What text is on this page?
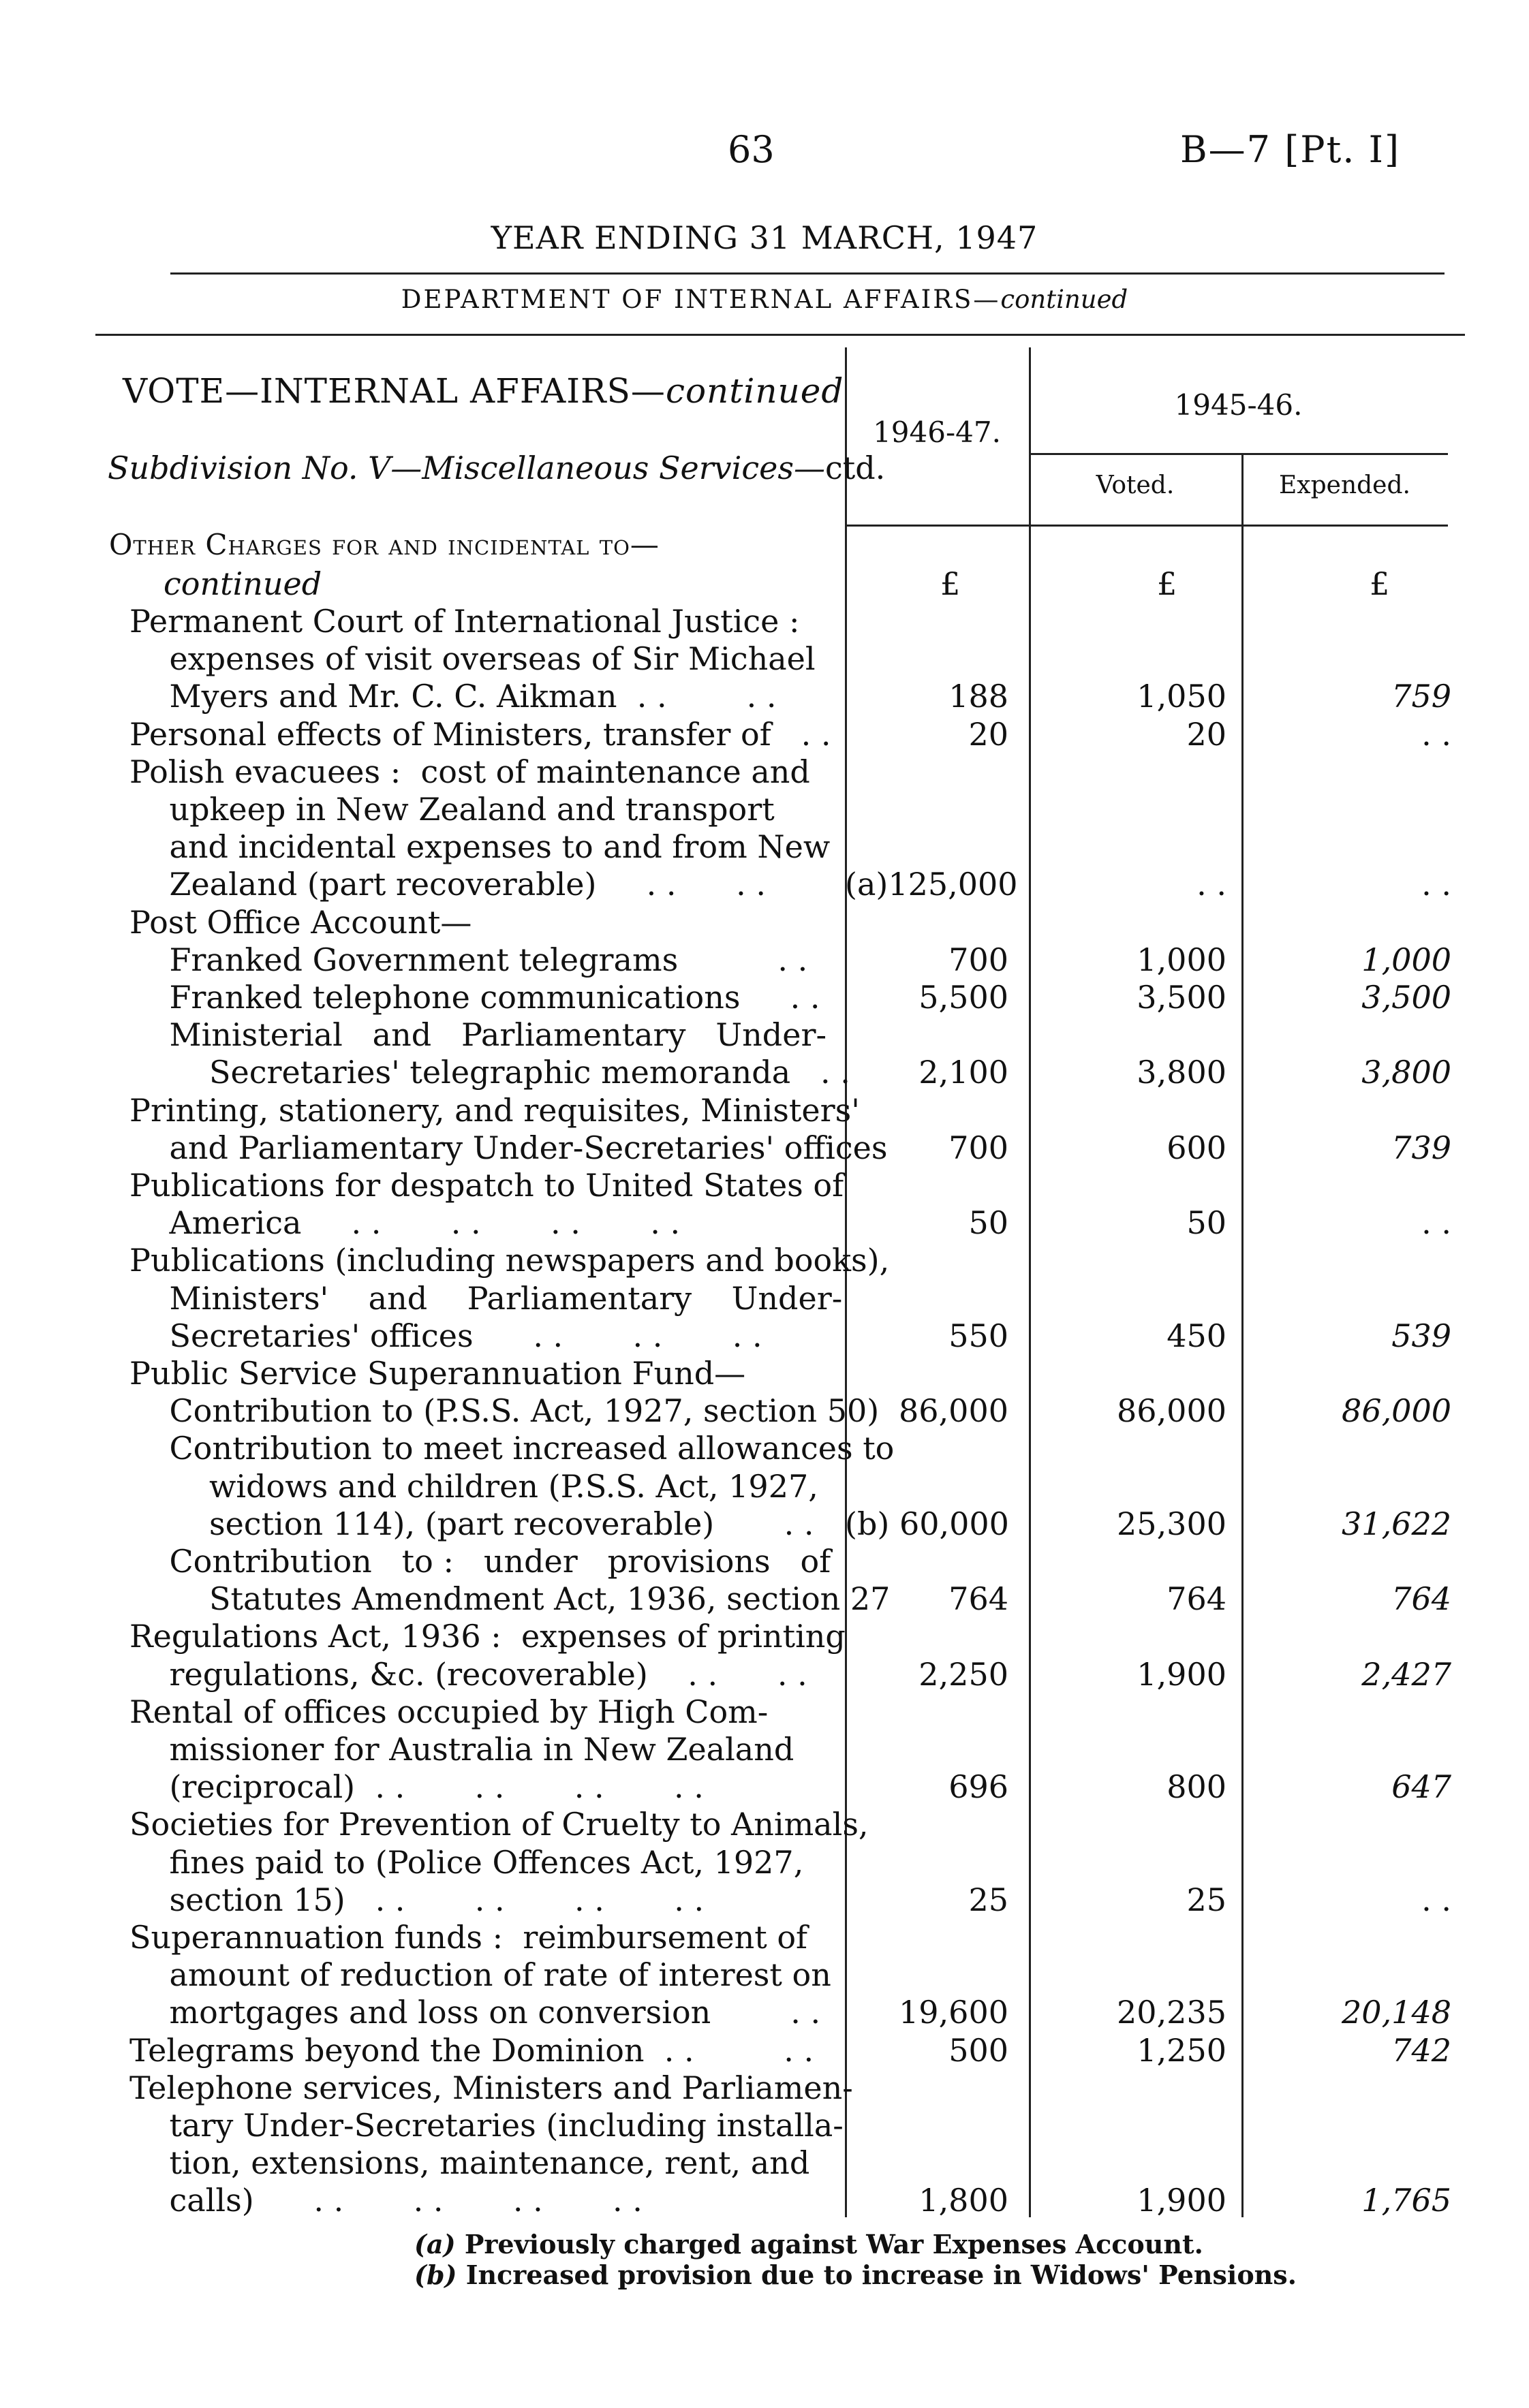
63	B—7 [Pt. I]
YEAR ENDING 31 MARCH, 1947
DEPARTMENT OF INTERNAL AFFAIRS—continued
VOTE—INTERNAL AFFAIRS—continued
Subdivision No. V—Miscellaneous Services—ctd.
1946-47.
1945-46.
Voted.	Expended.
Other Charges for and incidental to—
continued	£	£	£
Permanent Court of International Justice :
expenses of visit overseas of Sir Michael
Myers and Mr. C. C. Aikman  . .        . .	188	1,050	759
Personal effects of Ministers, transfer of   . .	20	20	. .
Polish evacuees :  cost of maintenance and
upkeep in New Zealand and transport
and incidental expenses to and from New
Zealand (part recoverable)     . .      . .	(a)125,000	. .	. .
Post Office Account—
Franked Government telegrams          . .	700	1,000	1,000
Franked telephone communications     . .	5,500	3,500	3,500
Ministerial   and   Parliamentary   Under-
Secretaries' telegraphic memoranda   . .	2,100	3,800	3,800
Printing, stationery, and requisites, Ministers'
and Parliamentary Under-Secretaries' offices	700	600	739
Publications for despatch to United States of
America     . .       . .       . .       . .	50	50	. .
Publications (including newspapers and books),
Ministers'    and    Parliamentary    Under-
Secretaries' offices      . .       . .       . .	550	450	539
Public Service Superannuation Fund—
Contribution to (P.S.S. Act, 1927, section 50) 86,000	86,000	86,000
Contribution to meet increased allowances to
widows and children (P.S.S. Act, 1927,
section 114), (part recoverable)       . . (b) 60,000	25,300	31,622
Contribution   to :   under   provisions   of
Statutes Amendment Act, 1936, section 27	764	764	764
Regulations Act, 1936 :  expenses of printing
regulations, &c. (recoverable)    . .      . .	2,250	1,900	2,427
Rental of offices occupied by High Com-
missioner for Australia in New Zealand
(reciprocal)  . .       . .       . .       . .	696	800	647
Societies for Prevention of Cruelty to Animals,
fines paid to (Police Offences Act, 1927,
section 15)   . .       . .       . .       . .	25	25	. .
Superannuation funds :  reimbursement of
amount of reduction of rate of interest on
mortgages and loss on conversion        . .	19,600	20,235	20,148
Telegrams beyond the Dominion  . .         . .	500	1,250	742
Telephone services, Ministers and Parliamen-
tary Under-Secretaries (including installa-
tion, extensions, maintenance, rent, and
calls)      . .       . .       . .       . .	1,800	1,900	1,765
(a) Previously charged against War Expenses Account.
(b) Increased provision due to increase in Widows' Pensions.
